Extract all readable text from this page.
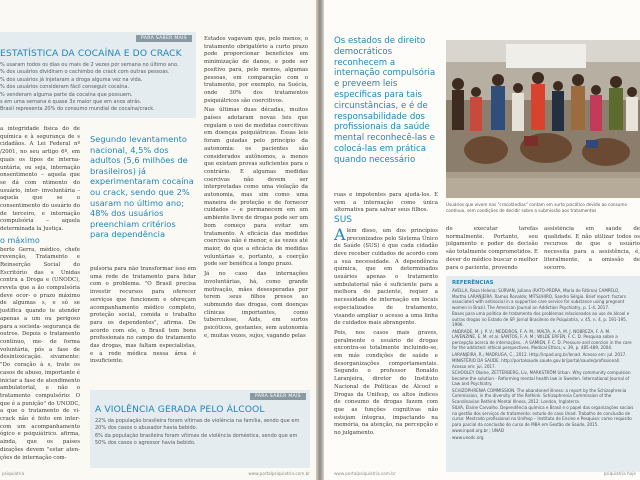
PARA SABER MAIS
ESTATÍSTICA DA COCAÍNA E DO CRACK
% usaram todos os dias ou mais de 2 vezes por semana no último ano.
% dos usuários dividiram o cachimbo de crack com outras pessoas.
% dos usuários já injetaram a droga alguma vez na vida.
% dos usuários consideram fácil conseguir cocaína.
% venderam alguma parte da cocaína que possuem.
s em uma semana é quase 3x maior que em anos atrás.
Brasil representa 20% do consumo mundial de cocaína/crack.

a integridade física do de química e à segurança de s cidadãos. A Lei Federal nº /2001, no seu artigo 6º, em quais os tipos de interna- untária, ou seja, internação onsentimento – aquela que se dá com ntimento do usuário, inter- involuntária – aquela que se o consentimento do usuário do de terceiro, e internação compulsória – aquela determinada la Justiça.

o máximo

berto Gerra, médico, chefe revenção, Tratamento e Reinserção Social do Escritório das s Unidas contra a Droga e (UNODC), revela que a ão compulsória deve ocor- o prazo máximo de algumas s, e só se justifica quando te atender apenas a um ou perigoso para a socieda- segurança de outros. Depois o tratamento contínuo, me- de forma voluntária, pós a fase de desintoxicação. sivamente: "Do coração à s, trate os casos de abuso, importante é iniciar a fase de atendimento ambulatorial, e não o tratamento compulsório: O que é a punição" do UNODC, a que o tratamento de vi- crack não é feito em inter- com um acompanhamento ógico e psiquiátrico. afirma, ainda, que os países dizações devem "estar aten- ções de internação com-

Segundo levantamento nacional, 4,5% dos adultos (5,6 milhões de brasileiros) já experimentaram cocaína ou crack, sendo que 2% usaram no último ano; 48% dos usuários preenchiam critérios para dependência
pulsória para não transformar isso em uma rede de tratamento para lidar com o problema. "O Brasil precisa investir recursos para oferecer serviços que funcionem e ofereçam acompanhamento médico completo, proteção social, comida e trabalho para os dependentes", afirma. De acordo com ele, o Brasil tem bons profissionais no campo do tratamento das drogas, mas faltam especialistas, e a rede médica nessa área é insuficiente.

Estados vagavam que, pelo menos, o tratamento obrigatório a curto prazo pode proporcionar benefícios em minimização de danos, e pode ser positivo para, pelo menos, algumas pessoas, em comparação com o tratamento, por exemplo, na Suécia, onde 30% dos tratamentos psiquiátricos são coercitivos.

Nas últimas duas décadas, muitos países adotaram novas leis que regulam o uso de medidas coercitivas em doenças psiquiátricas. Essas leis foram guiadas pelo princípio da autonomia: os pacientes são considerados autônomos, a menos que existam provas suficientes para o contrário. E algumas medidas coercivas não devem ser interpretadas como uma violação da autonomia, mas sim como uma maneira de proteção e de fornecer cuidados – e permanecem em um ambiente livre de drogas pode ser um bom começo para evitar um tratamento. A eficácia das medidas coercivas não é menor, e às vezes até maior, do que a eficácia de medidas voluntárias e, portanto, a coerção pode ser benéfica a longo prazo.

Já no caso das internações involuntárias, há, como grande motivação, mães desesperadas por terem seus filhos presos ao submundo das drogas, com doenças clínicas importantes, como tuberculose, Aids, em surtos psicóticos, gestantes, sem autonomia e, muitas vezes, sujos, vagando pelas

PARA SABER MAIS
A VIOLÊNCIA GERADA PELO ÁLCOOL
22% da população brasileira foram vítimas de violência na família, sendo que em 20% dos casos o abusador havia bebido.
6% da população brasileira foram vítimas de violência doméstica, sendo que em 50% dos casos o agressor havia bebido.
psiquiatria	www.portalpsiquiatria.com.br
Os estados de direito democráticos reconhecem a internação compulsória e preveem leis específicas para tais circunstâncias, e é de responsabilidade dos profissionais da saúde mental reconhecê-las e colocá-las em prática quando necessário
Usuários que vivem nas "cracolândias" contam em surto psicótico devido ao consumo contínuo, sem condições de decidir sobre a submissão aos tratamentos

ruas e impotentes para ajudá-los. E vem a internação como única alternativa para salvar seus filhos.

SUS

Além disso, um dos princípios preconizados pelo Sistema Único de Saúde (SUS) é que cada cidadão deve receber cuidados de acordo com a sua necessidade. A dependência química, que em determinados usuários apenas o tratamento ambulatorial não é suficiente para a melhora do paciente, requer a necessidade de internação em locais especializados de tratamento, visando ampliar o acesso a uma linha de cuidados mais abrangente.

Pois, nos casos mais graves, geralmente o usuário de drogas encontra-se totalmente incluindo-se, em más condições de saúde e desorganizações comportamentais. Segundo o professor Ronaldo Laranjeira, diretor do Instituto Nacional de Políticas de Álcool e Drogas da Unifesp, os altos índices de consumo de drogas fazem com que as funções cognitivas não estejam íntegras, impactando na memória, na atenção, na percepção e no julgamento.

de executar tarefas normalmente. Portanto, seu julgamento e poder de decisão são totalmente comprometidos. E dever do médico buscar o melhor para o paciente, provendo
assistência em saúde de qualidade. E não utilizar todos os recursos de que o usuário necessita para a assistência, é, literalmente, a omissão de socorro.
REFERÊNCIAS
AVELLA, Rosa Helena; SURVAN, Juliana (RATO-PRDRA, Maria de Fátima) CAMPELO, Martha LARANJEIRA. Ramos Ronaldo; MITSUHIRO, Sandro Sérgio. Brief report: factors associated with antisocial in a supportive care service for substance using pregnant women in Brazil. The American Journal on Addiction Psychiatry, p. 1-4, 2017.
Bases para uma política de tratamento dos problemas relacionados ao uso de álcool e outras drogas no Estado de SP. Jornal Brasileiro de Psiquiatria, v. 45, n. 4, p. 191-195, 1996.
ANDRADE, M. J. P. V.; MEDEIROS, F. A. M.; MALTA, A. A. M. J. NOBREZA, F. A. M. LAVENZINE, E. M. et al. SANTOS, F. A. M.; WILDE ERFEN, F. C. D. Pesquisa sobre a percepção acerca de internações... A SAMIEN, F. C. D. Pressure and coercion in the care for the addicted: ethical perspectives. Medical Ethics, v. 39, p. 485-489, 2004.
LARANJEIRA, R.; MADRUGA, C., 2012. Http://inpad.org.br/lenad. Acesso em: jul. 2017.
MINISTÉRIO DA SAÚDE. http://portalsaude.saude.gov.br/portal/saude/profissional/. Acesso em: jul. 2017.
SCHOOLEY Olaine, ZETTERBERG, Liv, MARKSTRÖM Urban. Why community compulsion became the solution - Reforming mental health law in Sweden. International Journal of Law and Psychiatry.
SCHIZOPHRENIA COMMISSION. The abandoned illness: a report by the Schizophrenia Commission, in the diversity of the Rethink. Schizophrenia Commission of the Scandinavian Rethink Mental Illness, 2012. London, Inglaterra.
SILVA, Elaine Carvalho. Dependência química e Brasil e o papel das organizações sociais na gestão dos serviços de tratamento: estudo de caso Unad. Trabalho de conclusão de curso: Mestrado profissional na Unifesp – Instituto de Ensino e Pesquisa: como requisito para parcial da conclusão do curso de MBA em Gestão de Saúde, 2015.
www.inpad.org.br ; UNAD
www.unodc.org
www.portalpsiquiatria.com.br	psiquiatria hoje
